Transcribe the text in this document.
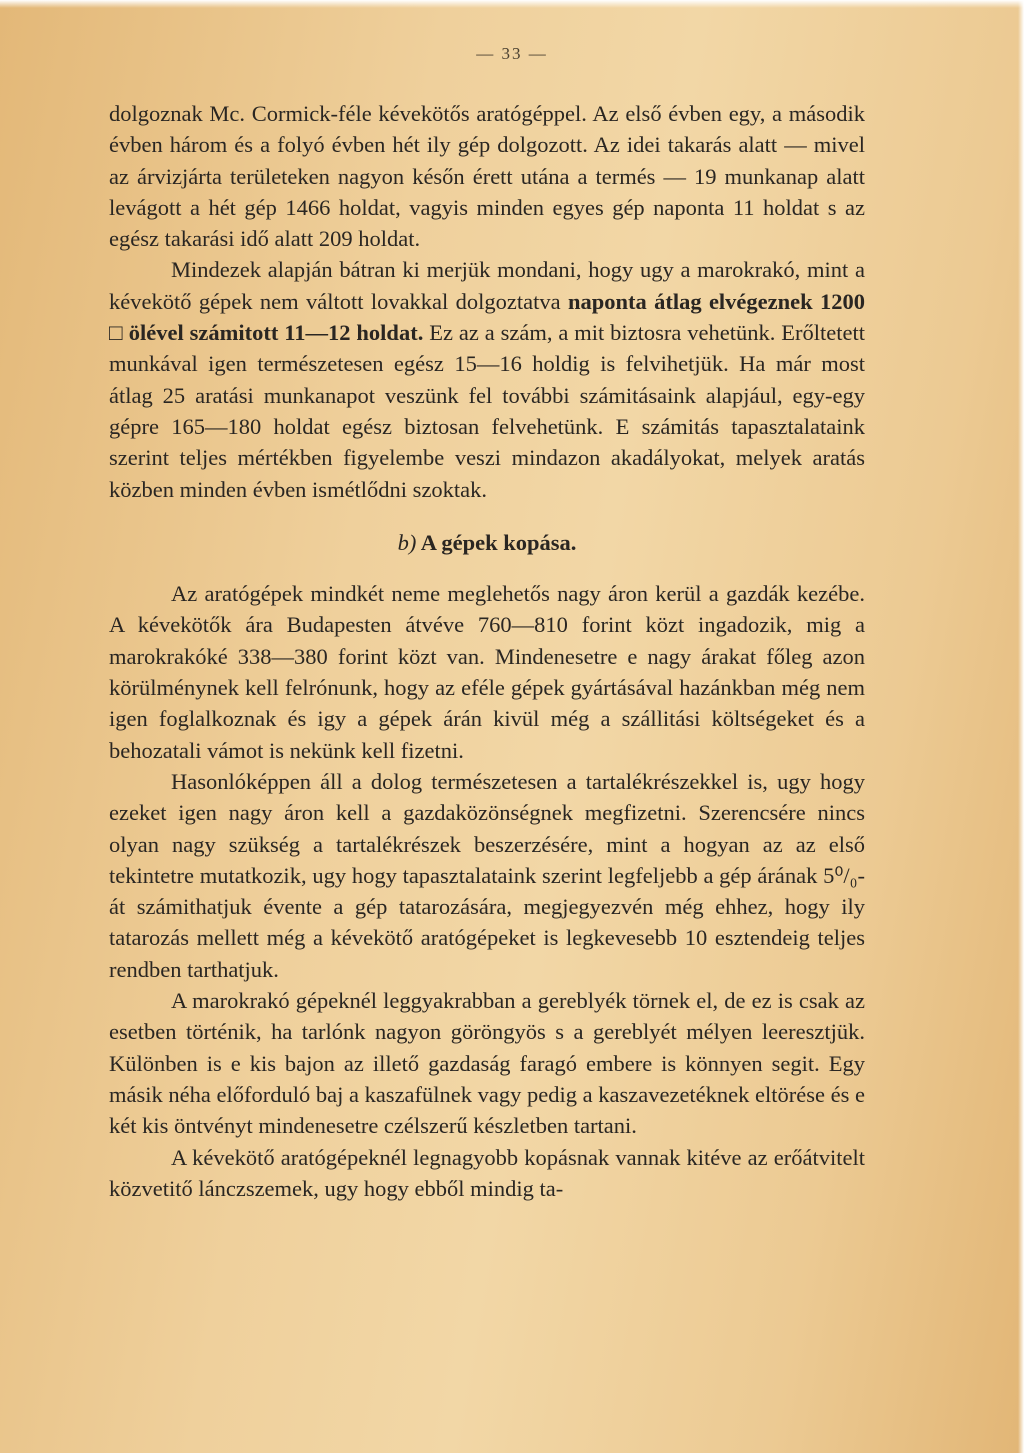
— 33 —

dolgoznak Mc. Cormick-féle kévekötős aratógéppel. Az első évben egy, a második évben három és a folyó évben hét ily gép dolgozott. Az idei takarás alatt — mivel az árvizjárta területeken nagyon későn érett utána a termés — 19 munkanap alatt levágott a hét gép 1466 holdat, vagyis minden egyes gép naponta 11 holdat s az egész takarási idő alatt 209 holdat.

Mindezek alapján bátran ki merjük mondani, hogy ugy a marokrakó, mint a kévekötő gépek nem váltott lovakkal dolgoztatva naponta átlag elvégeznek 1200 □ ölével számitott 11—12 holdat. Ez az a szám, a mit biztosra vehetünk. Erőltetett munkával igen természetesen egész 15—16 holdig is felvihetjük. Ha már most átlag 25 aratási munkanapot veszünk fel további számitásaink alapjául, egy-egy gépre 165—180 holdat egész biztosan felvehetünk. E számitás tapasztalataink szerint teljes mértékben figyelembe veszi mindazon akadályokat, melyek aratás közben minden évben ismétlődni szoktak.

b) A gépek kopása.

Az aratógépek mindkét neme meglehetős nagy áron kerül a gazdák kezébe. A kévekötők ára Budapesten átvéve 760—810 forint közt ingadozik, mig a marokrakóké 338—380 forint közt van. Mindenesetre e nagy árakat főleg azon körülménynek kell felrónunk, hogy az eféle gépek gyártásával hazánkban még nem igen foglalkoznak és igy a gépek árán kivül még a szállitási költségeket és a behozatali vámot is nekünk kell fizetni.

Hasonlóképpen áll a dolog természetesen a tartalékrészekkel is, ugy hogy ezeket igen nagy áron kell a gazdaközönségnek megfizetni. Szerencsére nincs olyan nagy szükség a tartalékrészek beszerzésére, mint a hogyan az az első tekintetre mutatkozik, ugy hogy tapasztalataink szerint legfeljebb a gép árának 5⁰/₀-át számithatjuk évente a gép tatarozására, megjegyezvén még ehhez, hogy ily tatarozás mellett még a kévekötő aratógépeket is legkevesebb 10 esztendeig teljes rendben tarthatjuk.

A marokrakó gépeknél leggyakrabban a gereblyék törnek el, de ez is csak az esetben történik, ha tarlónk nagyon göröngyös s a gereblyét mélyen leeresztjük. Különben is e kis bajon az illető gazdaság faragó embere is könnyen segit. Egy másik néha előforduló baj a kaszafülnek vagy pedig a kaszavezetéknek eltörése és e két kis öntvényt mindenesetre czélszerű készletben tartani.

A kévekötő aratógépeknél legnagyobb kopásnak vannak kitéve az erőátvitelt közvetitő lánczszemek, ugy hogy ebből mindig ta-
